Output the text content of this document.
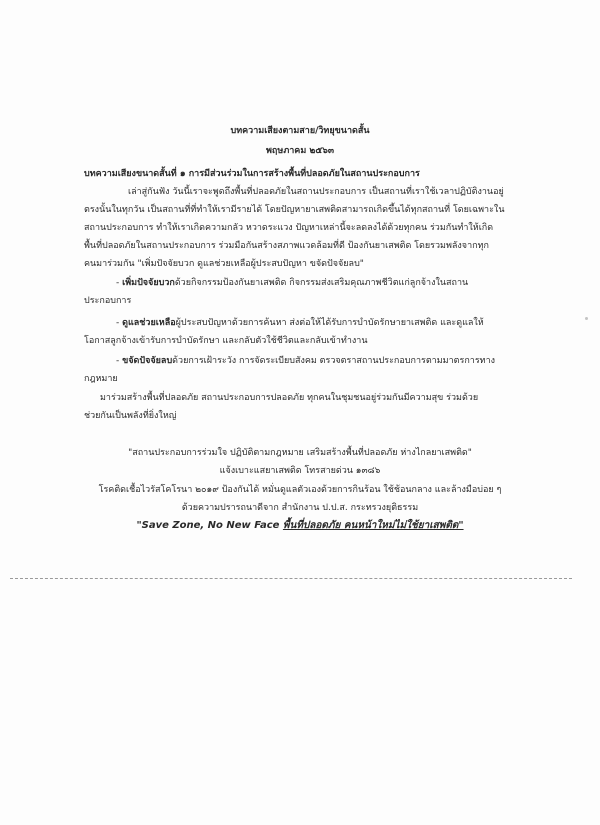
บทความเสียงตามสาย/วิทยุขนาดสั้น
พฤษภาคม ๒๕๖๓
บทความเสียงขนาดสั้นที่ ๑ การมีส่วนร่วมในการสร้างพื้นที่ปลอดภัยในสถานประกอบการ
เล่าสู่กันฟัง วันนี้เราจะพูดถึงพื้นที่ปลอดภัยในสถานประกอบการ เป็นสถานที่เราใช้เวลาปฏิบัติงานอยู่
ตรงนั้นในทุกวัน เป็นสถานที่ที่ทำให้เรามีรายได้ โดยปัญหายาเสพติดสามารถเกิดขึ้นได้ทุกสถานที่ โดยเฉพาะใน
สถานประกอบการ ทำให้เราเกิดความกลัว หวาดระแวง ปัญหาเหล่านี้จะลดลงได้ด้วยทุกคน ร่วมกันทำให้เกิด
พื้นที่ปลอดภัยในสถานประกอบการ ร่วมมือกันสร้างสภาพแวดล้อมที่ดี ป้องกันยาเสพติด โดยรวมพลังจากทุก
คนมาร่วมกัน "เพิ่มปัจจัยบวก ดูแลช่วยเหลือผู้ประสบปัญหา ขจัดปัจจัยลบ"
- เพิ่มปัจจัยบวกด้วยกิจกรรมป้องกันยาเสพติด กิจกรรมส่งเสริมคุณภาพชีวิตแก่ลูกจ้างในสถาน
ประกอบการ
- ดูแลช่วยเหลือผู้ประสบปัญหาด้วยการค้นหา ส่งต่อให้ได้รับการบำบัดรักษายาเสพติด และดูแลให้
โอกาสลูกจ้างเข้ารับการบำบัดรักษา และกลับตัวใช้ชีวิตและกลับเข้าทำงาน
- ขจัดปัจจัยลบด้วยการเฝ้าระวัง การจัดระเบียบสังคม ตรวจตราสถานประกอบการตามมาตรการทาง
กฎหมาย
มาร่วมสร้างพื้นที่ปลอดภัย สถานประกอบการปลอดภัย ทุกคนในชุมชนอยู่ร่วมกันมีความสุข ร่วมด้วย
ช่วยกันเป็นพลังที่ยิ่งใหญ่
"สถานประกอบการร่วมใจ ปฏิบัติตามกฎหมาย เสริมสร้างพื้นที่ปลอดภัย ห่างไกลยาเสพติด"
แจ้งเบาะแสยาเสพติด โทรสายด่วน ๑๓๘๖
โรคติดเชื้อไวรัสโคโรนา ๒๐๑๙ ป้องกันได้ หมั่นดูแลตัวเองด้วยการกินร้อน ใช้ช้อนกลาง และล้างมือบ่อย ๆ
ด้วยความปรารถนาดีจาก สำนักงาน ป.ป.ส. กระทรวงยุติธรรม
"Save Zone, No New Face พื้นที่ปลอดภัย คนหน้าใหม่ไม่ใช้ยาเสพติด"
